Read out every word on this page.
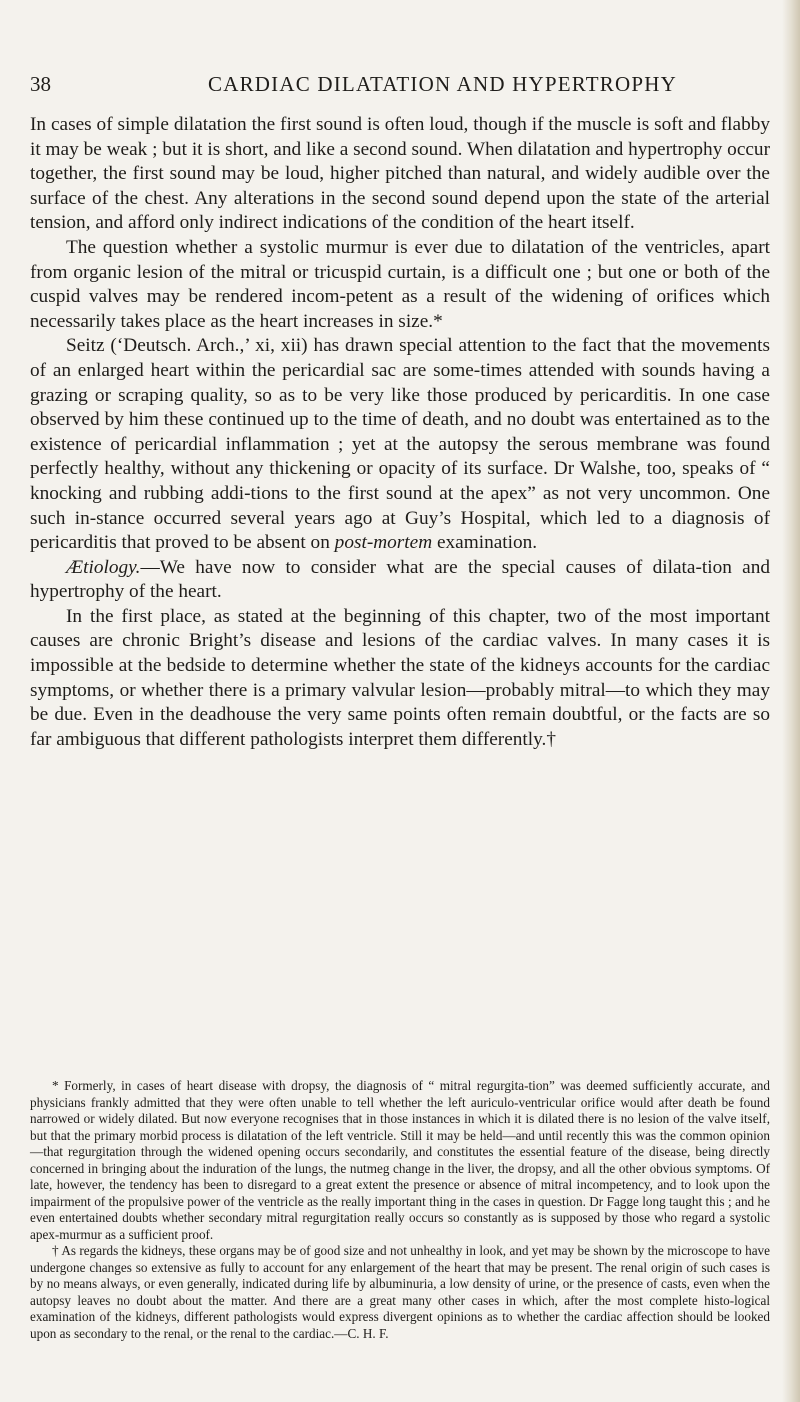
38	CARDIAC DILATATION AND HYPERTROPHY

In cases of simple dilatation the first sound is often loud, though if the muscle is soft and flabby it may be weak ; but it is short, and like a second sound. When dilatation and hypertrophy occur together, the first sound may be loud, higher pitched than natural, and widely audible over the surface of the chest. Any alterations in the second sound depend upon the state of the arterial tension, and afford only indirect indications of the condition of the heart itself.

The question whether a systolic murmur is ever due to dilatation of the ventricles, apart from organic lesion of the mitral or tricuspid curtain, is a difficult one ; but one or both of the cuspid valves may be rendered incom-petent as a result of the widening of orifices which necessarily takes place as the heart increases in size.*

Seitz (‘Deutsch. Arch.,’ xi, xii) has drawn special attention to the fact that the movements of an enlarged heart within the pericardial sac are some-times attended with sounds having a grazing or scraping quality, so as to be very like those produced by pericarditis. In one case observed by him these continued up to the time of death, and no doubt was entertained as to the existence of pericardial inflammation ; yet at the autopsy the serous membrane was found perfectly healthy, without any thickening or opacity of its surface. Dr Walshe, too, speaks of “ knocking and rubbing addi-tions to the first sound at the apex” as not very uncommon. One such in-stance occurred several years ago at Guy’s Hospital, which led to a diagnosis of pericarditis that proved to be absent on post-mortem examination.

Ætiology.—We have now to consider what are the special causes of dilata-tion and hypertrophy of the heart.

In the first place, as stated at the beginning of this chapter, two of the most important causes are chronic Bright’s disease and lesions of the cardiac valves. In many cases it is impossible at the bedside to determine whether the state of the kidneys accounts for the cardiac symptoms, or whether there is a primary valvular lesion—probably mitral—to which they may be due. Even in the deadhouse the very same points often remain doubtful, or the facts are so far ambiguous that different pathologists interpret them differently.†

* Formerly, in cases of heart disease with dropsy, the diagnosis of “ mitral regurgita-tion” was deemed sufficiently accurate, and physicians frankly admitted that they were often unable to tell whether the left auriculo-ventricular orifice would after death be found narrowed or widely dilated. But now everyone recognises that in those instances in which it is dilated there is no lesion of the valve itself, but that the primary morbid process is dilatation of the left ventricle. Still it may be held—and until recently this was the common opinion—that regurgitation through the widened opening occurs secondarily, and constitutes the essential feature of the disease, being directly concerned in bringing about the induration of the lungs, the nutmeg change in the liver, the dropsy, and all the other obvious symptoms. Of late, however, the tendency has been to disregard to a great extent the presence or absence of mitral incompetency, and to look upon the impairment of the propulsive power of the ventricle as the really important thing in the cases in question. Dr Fagge long taught this ; and he even entertained doubts whether secondary mitral regurgitation really occurs so constantly as is supposed by those who regard a systolic apex-murmur as a sufficient proof.

† As regards the kidneys, these organs may be of good size and not unhealthy in look, and yet may be shown by the microscope to have undergone changes so extensive as fully to account for any enlargement of the heart that may be present. The renal origin of such cases is by no means always, or even generally, indicated during life by albuminuria, a low density of urine, or the presence of casts, even when the autopsy leaves no doubt about the matter. And there are a great many other cases in which, after the most complete histo-logical examination of the kidneys, different pathologists would express divergent opinions as to whether the cardiac affection should be looked upon as secondary to the renal, or the renal to the cardiac.—C. H. F.
